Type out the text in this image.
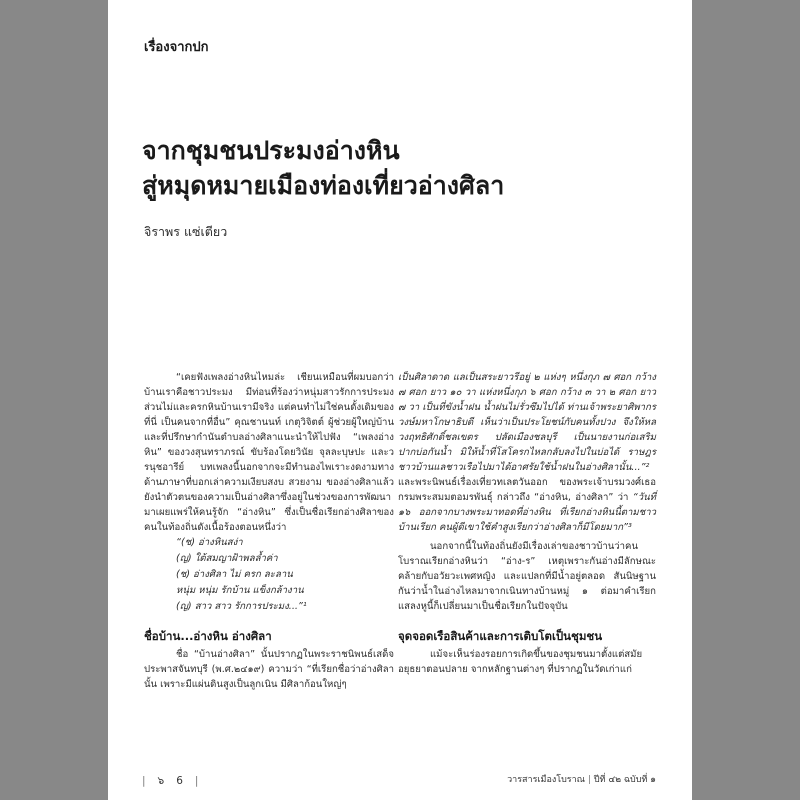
เรื่องจากปก
จากชุมชนประมงอ่างหิน
สู่หมุดหมายเมืองท่องเที่ยวอ่างศิลา
จิราพร แซ่เตียว

“เคยฟังเพลงอ่างหินไหมล่ะ เชียนเหมือนที่ผมบอกว่าบ้านเราคือชาวประมง มีท่อนที่ร้องว่าหนุ่มสาวรักการประมง ส่วนไม่และครกหินบ้านเรามีจริง แต่คนทำไม่ใช่คนดั้งเดิมของที่นี่ เป็นคนจากที่อื่น” คุณชานนท์ เกตุวิจิตต์ ผู้ช่วยผู้ใหญ่บ้านและที่ปรึกษากำนันตำบลอ่างศิลาแนะนำให้ไปฟัง “เพลงอ่างหิน” ของวงสุนทราภรณ์ ขับร้องโดยวินัย จุลละบุษปะ และวรนุชอารีย์ บทเพลงนี้นอกจากจะมีทำนองไพเราะงดงามทางด้านภาษาที่บอกเล่าความเงียบสงบ สวยงาม ของอ่างศิลาแล้ว ยังนำตัวตนของความเป็นอ่างศิลาซึ่งอยู่ในช่วงของการพัฒนามาเผยแพร่ให้คนรู้จัก “อ่างหิน” ซึ่งเป็นชื่อเรียกอ่างศิลาของคนในท้องถิ่นดังเนื้อร้องตอนหนึ่งว่า

“(ช) อ่างหินสง่า
(ญ) ใต้สมญาฝ้าพลล้ำค่า
(ช) อ่างศิลา ไม่ ครก ละลาน
หนุ่ม หนุ่ม รักบ้าน แข็งกล้างาน
(ญ) สาว สาว รักการประมง...”¹
ชื่อบ้าน...อ่างหิน อ่างศิลา

ชื่อ “บ้านอ่างศิลา” นั้นปรากฏในพระราชนิพนธ์เสด็จประพาสจันทบุรี (พ.ศ.๒๔๑๙) ความว่า “ที่เรียกชื่อว่าอ่างศิลานั้น เพราะมีแผ่นดินสูงเป็นลูกเนิน มีศิลาก้อนใหญ่ๆ

เป็นศิลาดาด แลเป็นสระยาวรีอยู่ ๒ แห่งๆ หนึ่งกุภ ๗ ศอก กว้าง ๗ ศอก ยาว ๑๐ วา แห่งหนึ่งกุภ ๖ ศอก กว้าง ๓ วา ๒ ศอก ยาว ๗ วา เป็นที่ขังน้ำฝน น้ำฝนไม่รั่วซึมไปได้ ท่านเจ้าพระยาศิพากรวงษ์มหาโกษาธิบดี เห็นว่าเป็นประโยชน์กับคนทั้งปวง จึงให้หลวงฤทธิศักดิ์ชลเขตร ปลัดเมืองชลบุรี เป็นนายงานก่อเสริมปากบ่อกันน้ำ มิให้น้ำที่โสโครกไหลกลับลงไปในบ่อได้ ราษฎรชาวบ้านแลชาวเรือไปมาได้อาศรัยใช้น้ำฝนในอ่างศิลานั้น...”² และพระนิพนธ์เรื่องเที่ยวทเลตวันออก ของพระเจ้าบรมวงศ์เธอ กรมพระสมมตอมรพันธุ์ กล่าวถึง “อ่างหิน, อ่างศิลา” ว่า “วันที่ ๑๖ ออกจากบางพระมาทอดที่อ่างหิน ที่เรียกอ่างหินนี้ตามชาวบ้านเรียก คนผู้ดีเขาใช้คำสูงเรียกว่าอ่างศิลาก็มีโดยมาก”³

นอกจากนี้ในท้องถิ่นยังมีเรื่องเล่าของชาวบ้านว่าคนโบราณเรียกอ่างหินว่า “อ่าง-ร” เหตุเพราะกันอ่างมีลักษณะคล้ายกับอวัยวะเพศหญิง และแปลกที่มีน้ำอยู่ตลอด สันนิษฐานกันว่าน้ำในอ่างไหลมาจากเนินทางบ้านหมู่ ๑ ต่อมาคำเรียกแสลงหูนี้ก็เปลี่ยนมาเป็นชื่อเรียกในปัจจุบัน

จุดจอดเรือสินค้าและการเติบโตเป็นชุมชน

แม้จะเห็นร่องรอยการเกิดขึ้นของชุมชนมาตั้งแต่สมัยอยุธยาตอนปลาย จากหลักฐานต่างๆ ที่ปรากฏในวัดเก่าแก่

| ๖ 6 |	วารสารเมืองโบราณ | ปีที่ ๔๒ ฉบับที่ ๑
